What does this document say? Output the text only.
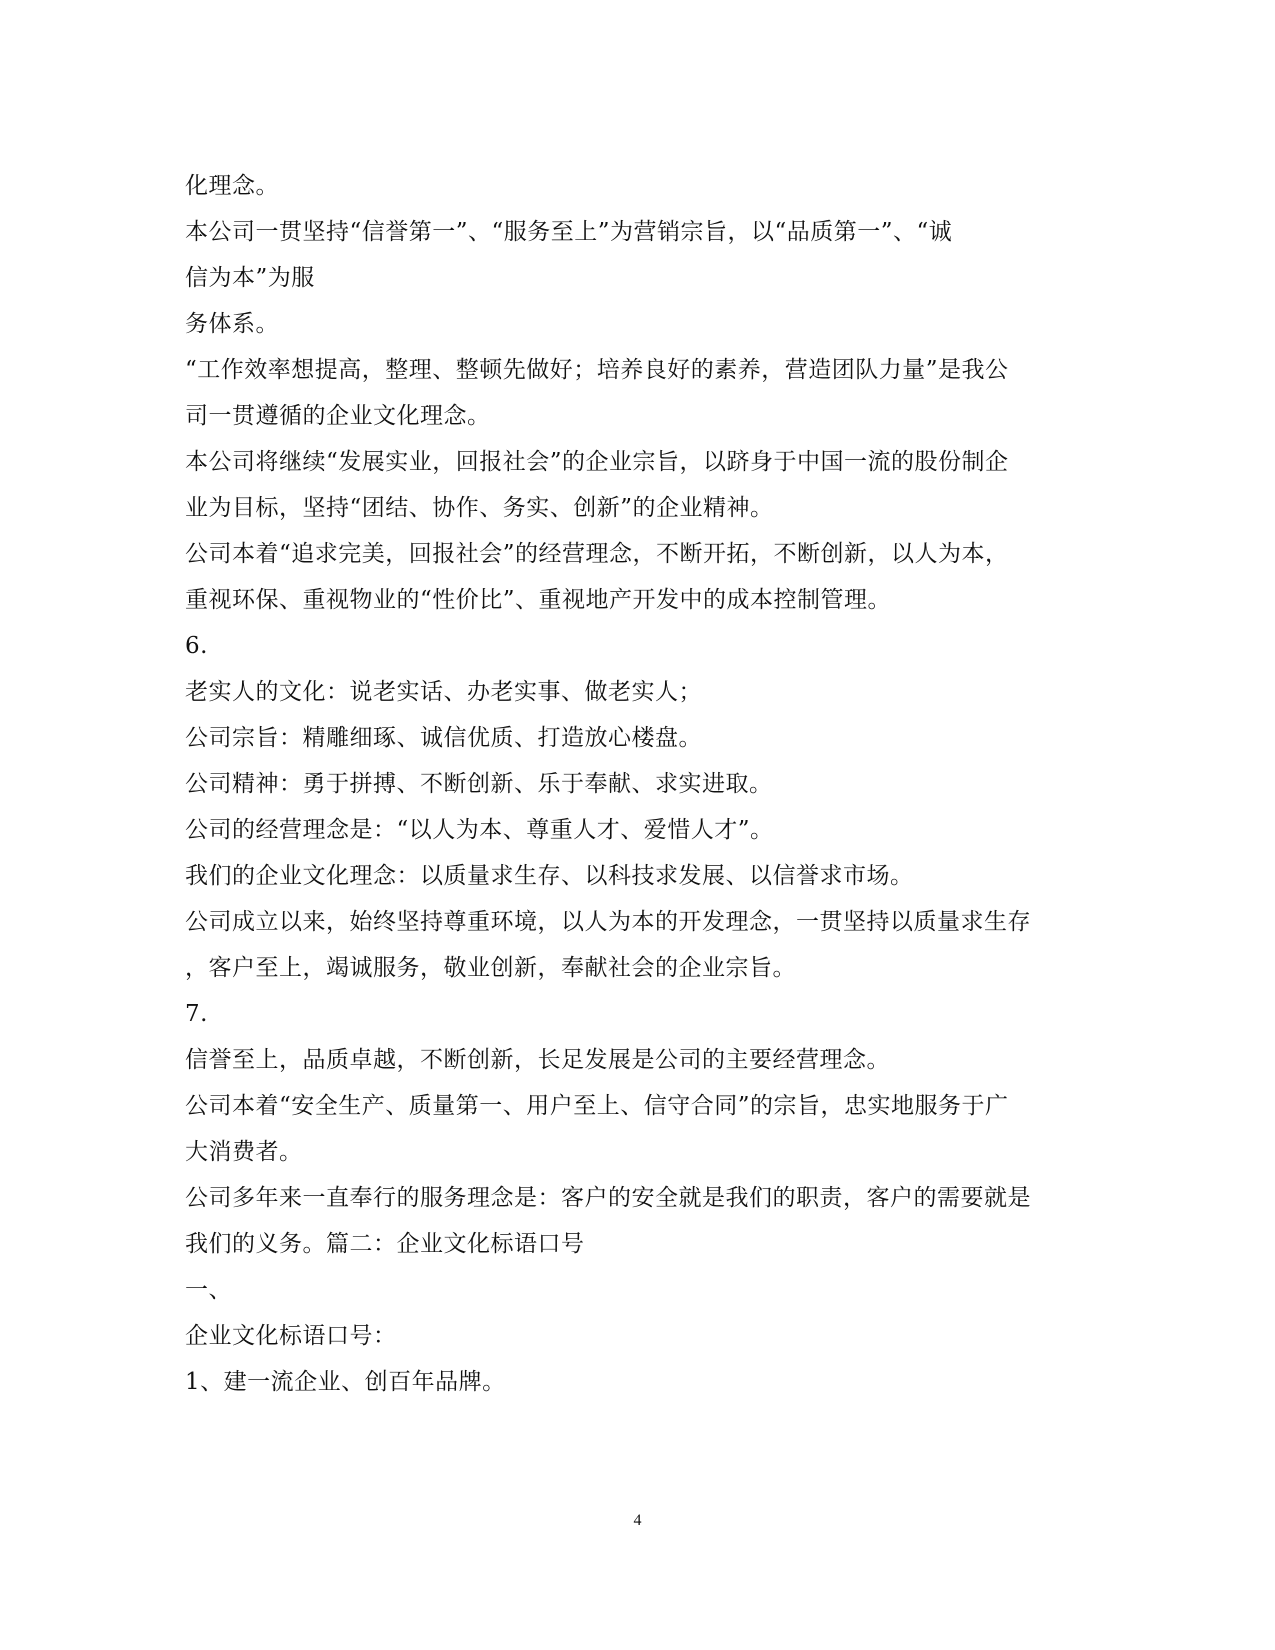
化理念。
本公司一贯坚持“信誉第一”、“服务至上”为营销宗旨，以“品质第一”、“诚
信为本”为服
务体系。
“工作效率想提高，整理、整顿先做好；培养良好的素养，营造团队力量”是我公
司一贯遵循的企业文化理念。
本公司将继续“发展实业，回报社会”的企业宗旨，以跻身于中国一流的股份制企
业为目标，坚持“团结、协作、务实、创新”的企业精神。
公司本着“追求完美，回报社会”的经营理念，不断开拓，不断创新，以人为本，
重视环保、重视物业的“性价比”、重视地产开发中的成本控制管理。
6.
老实人的文化：说老实话、办老实事、做老实人；
公司宗旨：精雕细琢、诚信优质、打造放心楼盘。
公司精神：勇于拼搏、不断创新、乐于奉献、求实进取。
公司的经营理念是：“以人为本、尊重人才、爱惜人才”。
我们的企业文化理念：以质量求生存、以科技求发展、以信誉求市场。
公司成立以来，始终坚持尊重环境，以人为本的开发理念，一贯坚持以质量求生存
，客户至上，竭诚服务，敬业创新，奉献社会的企业宗旨。
7.
信誉至上，品质卓越，不断创新，长足发展是公司的主要经营理念。
公司本着“安全生产、质量第一、用户至上、信守合同”的宗旨，忠实地服务于广
大消费者。
公司多年来一直奉行的服务理念是：客户的安全就是我们的职责，客户的需要就是
我们的义务。篇二：企业文化标语口号
一、
企业文化标语口号：
1、建一流企业、创百年品牌。
4
